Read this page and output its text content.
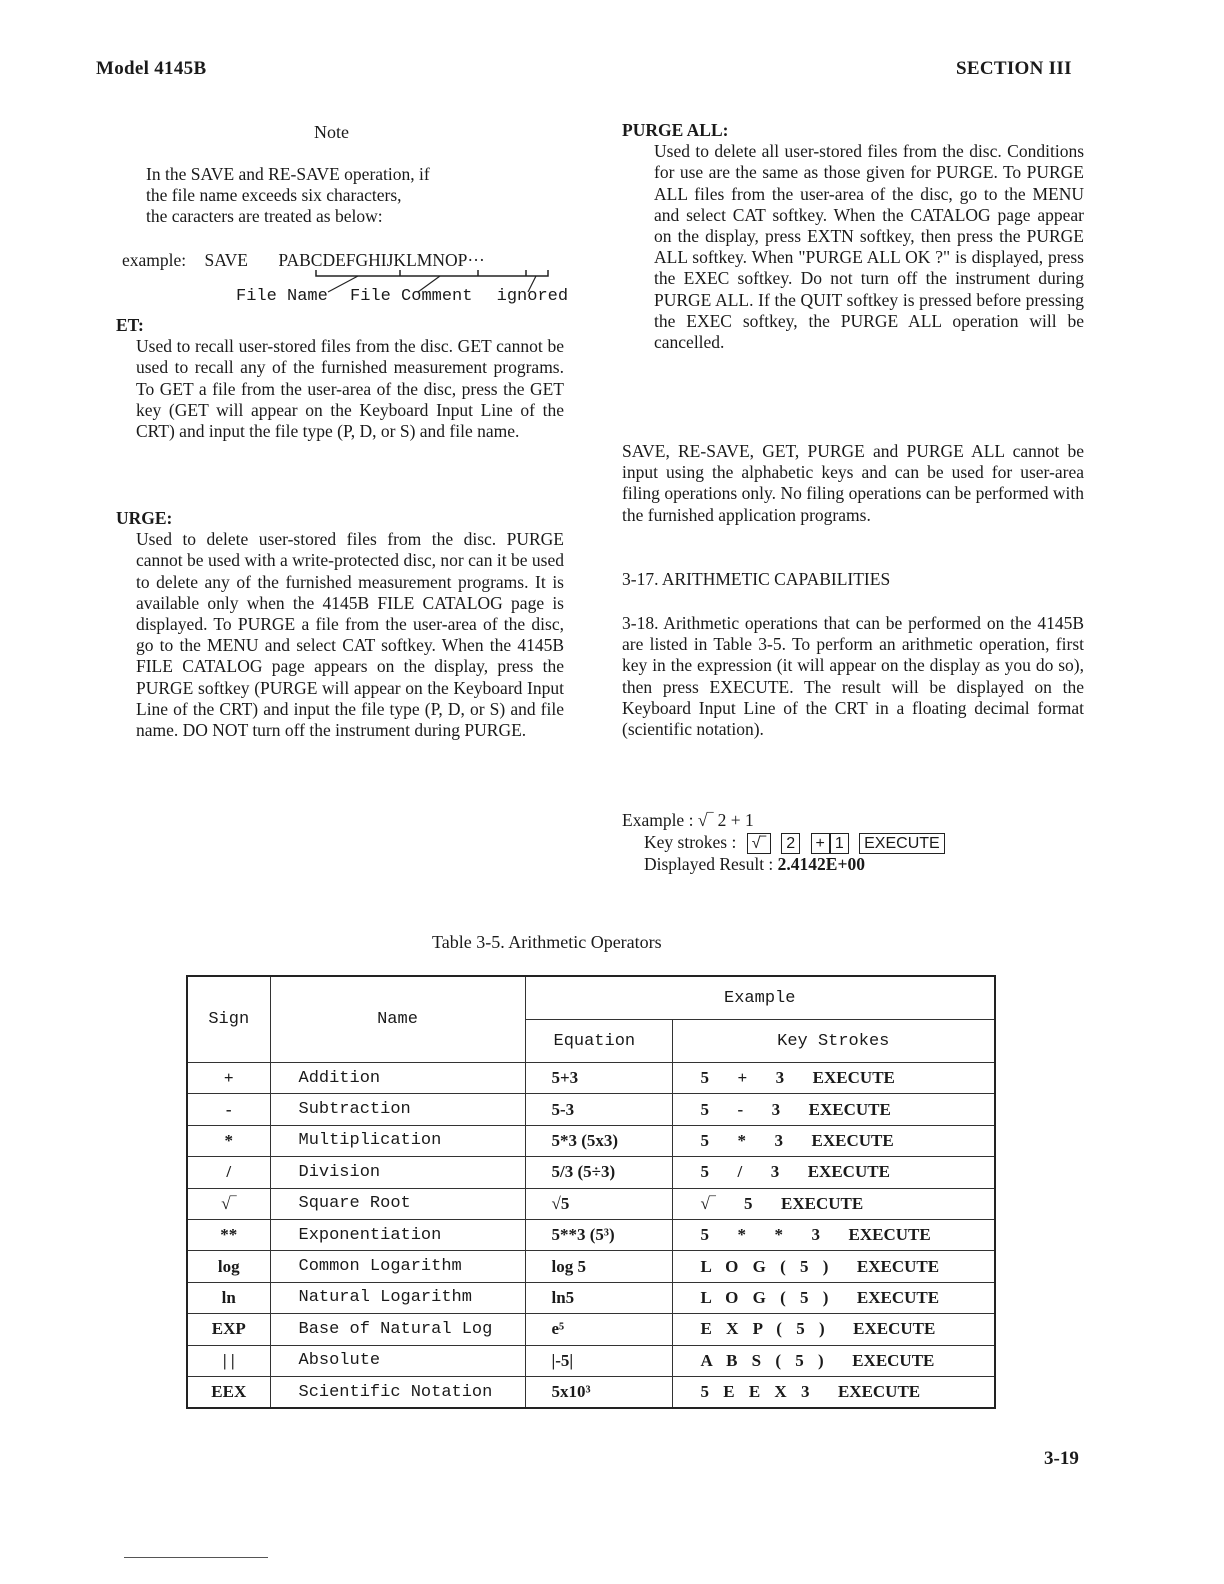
Model 4145B	SECTION III
Note
In the SAVE and RE-SAVE operation, if
the file name exceeds six characters,
the caracters are treated as below:
example: SAVE PABCDEFGHIJKLMNOP···
File Name File Comment ignored

ET:

Used to recall user-stored files from the disc. GET cannot be used to recall any of the furnished measurement programs. To GET a file from the user-area of the disc, press the GET key (GET will appear on the Keyboard Input Line of the CRT) and input the file type (P, D, or S) and file name.

URGE:

Used to delete user-stored files from the disc. PURGE cannot be used with a write-protected disc, nor can it be used to delete any of the furnished measurement programs. It is available only when the 4145B FILE CATALOG page is displayed. To PURGE a file from the user-area of the disc, go to the MENU and select CAT softkey. When the 4145B FILE CATALOG page appears on the display, press the PURGE softkey (PURGE will appear on the Keyboard Input Line of the CRT) and input the file type (P, D, or S) and file name. DO NOT turn off the instrument during PURGE.

PURGE ALL:

Used to delete all user-stored files from the disc. Conditions for use are the same as those given for PURGE. To PURGE ALL files from the user-area of the disc, go to the MENU and select CAT softkey. When the CATALOG page appear on the display, press EXTN softkey, then press the PURGE ALL softkey. When "PURGE ALL OK ?" is displayed, press the EXEC softkey. Do not turn off the instrument during PURGE ALL. If the QUIT softkey is pressed before pressing the EXEC softkey, the PURGE ALL operation will be cancelled.

SAVE, RE-SAVE, GET, PURGE and PURGE ALL cannot be input using the alphabetic keys and can be used for user-area filing operations only. No filing operations can be performed with the furnished application programs.
3-17. ARITHMETIC CAPABILITIES
3-18. Arithmetic operations that can be performed on the 4145B are listed in Table 3-5. To perform an arithmetic operation, first key in the expression (it will appear on the display as you do so), then press EXECUTE. The result will be displayed on the Keyboard Input Line of the CRT in a floating decimal format (scientific notation).
Example : √‾ 2 + 1
Key strokes : √‾ 2 + 1 EXECUTE
Displayed Result : 2.4142E+00
Table 3-5. Arithmetic Operators
Sign	Name	Example	
		Equation	Key Strokes
+	Addition	5+3	5  +  3  EXECUTE
-	Subtraction	5-3	5  -  3  EXECUTE
*	Multiplication	5*3 (5x3)	5  *  3  EXECUTE
/	Division	5/3 (5÷3)	5  /  3  EXECUTE
√‾	Square Root	√5	√‾  5  EXECUTE
**	Exponentiation	5**3 (5³)	5  *  *  3  EXECUTE
log	Common Logarithm	log 5	L O G ( 5 )  EXECUTE
ln	Natural Logarithm	ln5	L O G ( 5 )  EXECUTE
EXP	Base of Natural Log	e⁵	E X P ( 5 )  EXECUTE
| |	Absolute	|-5|	A B S ( 5 )  EXECUTE
EEX	Scientific Notation	5x10³	5 E E X 3  EXECUTE
3-19
